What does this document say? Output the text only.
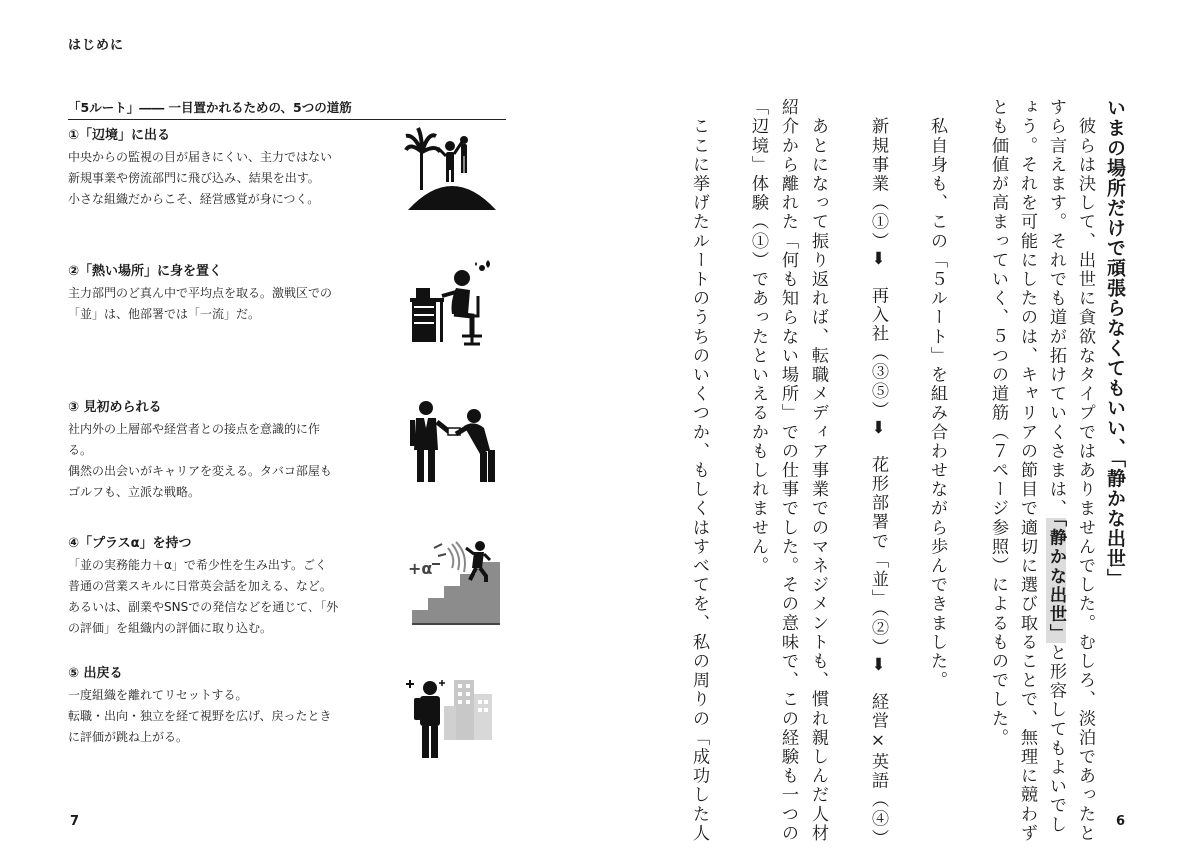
はじめに
「5ルート」―― 一目置かれるための、5つの道筋
①「辺境」に出る
中央からの監視の目が届きにくい、主力ではない
新規事業や傍流部門に飛び込み、結果を出す。
小さな組織だからこそ、経営感覚が身につく。
②「熱い場所」に身を置く
主力部門のど真ん中で平均点を取る。激戦区での
「並」は、他部署では「一流」だ。
③ 見初められる
社内外の上層部や経営者との接点を意識的に作
る。
偶然の出会いがキャリアを変える。タバコ部屋も
ゴルフも、立派な戦略。
④「プラスα」を持つ
「並の実務能力＋α」で希少性を生み出す。ごく
普通の営業スキルに日常英会話を加える、など。
あるいは、副業やSNSでの発信などを通じて､「外
の評価」を組織内の評価に取り込む。
+α
⑤ 出戻る
一度組織を離れてリセットする。
転職・出向・独立を経て視野を広げ、戻ったとき
に評価が跳ね上がる。
7
いまの場所だけで頑張らなくてもいい、「静かな出世」
　彼らは決して、出世に貪欲なタイプではありませんでした。むしろ、淡泊であったと
すら言えます。それでも道が拓けていくさまは、「静かな出世」と形容してもよいでし
ょう。それを可能にしたのは、キャリアの節目で適切に選び取ることで、無理に競わず
とも価値が高まっていく、５つの道筋（７ページ参照）によるものでした。
　私自身も、この「５ルート」を組み合わせながら歩んできました。
　新規事業（①）➡　再入社（③⑤）➡　花形部署で「並」（②）➡　経営×英語（④）
　あとになって振り返れば、転職メディア事業でのマネジメントも、慣れ親しんだ人材
紹介から離れた「何も知らない場所」での仕事でした。その意味で、この経験も一つの
「辺境」体験（①）であったといえるかもしれません。
　ここに挙げたルートのうちのいくつか、もしくはすべてを、私の周りの「成功した人	6
